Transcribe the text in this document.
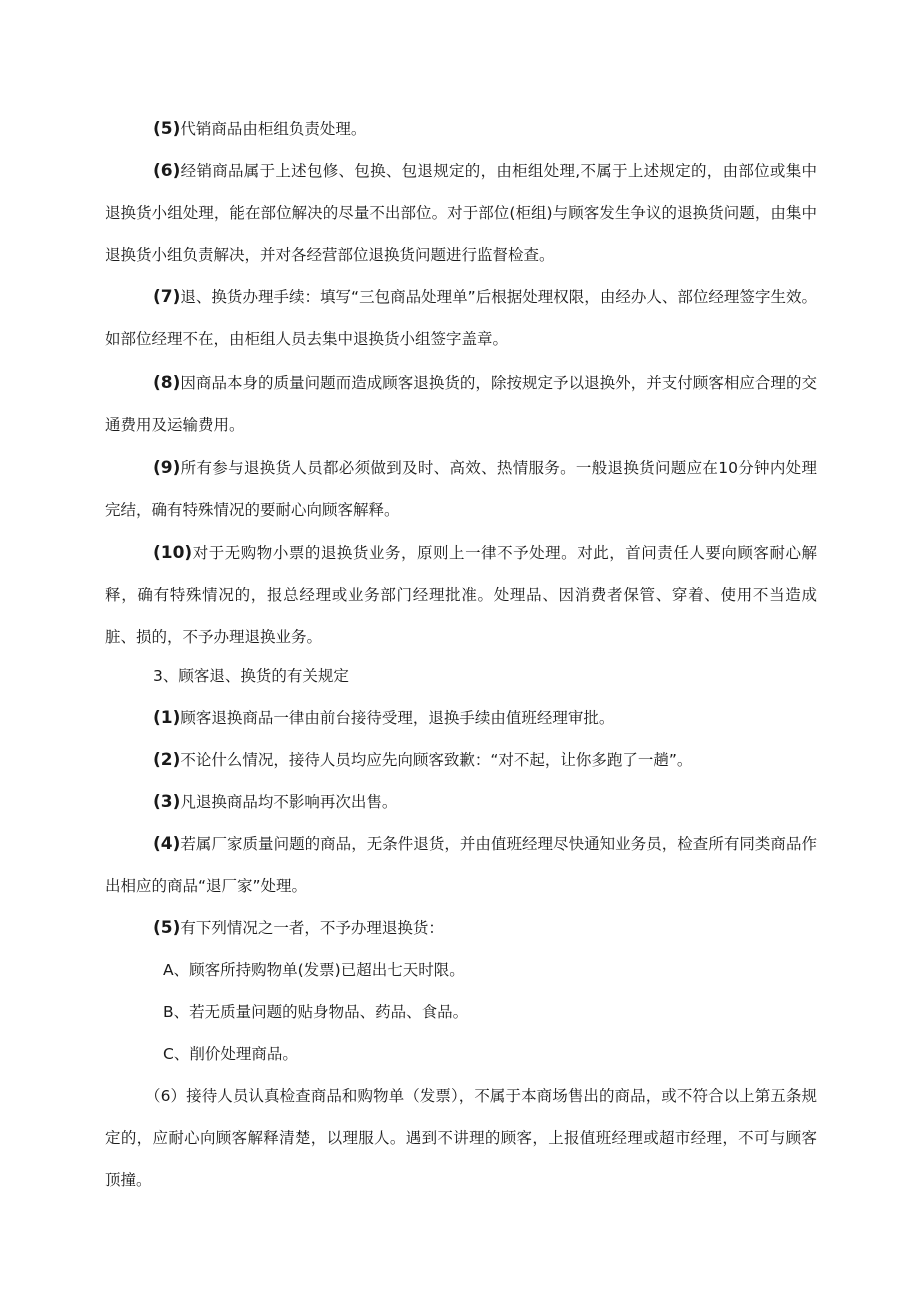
(5)代销商品由柜组负责处理。

(6)经销商品属于上述包修、包换、包退规定的，由柜组处理,不属于上述规定的，由部位或集中退换货小组处理，能在部位解决的尽量不出部位。对于部位(柜组)与顾客发生争议的退换货问题，由集中退换货小组负责解决，并对各经营部位退换货问题进行监督检查。

(7)退、换货办理手续：填写“三包商品处理单”后根据处理权限，由经办人、部位经理签字生效。如部位经理不在，由柜组人员去集中退换货小组签字盖章。

(8)因商品本身的质量问题而造成顾客退换货的，除按规定予以退换外，并支付顾客相应合理的交通费用及运输费用。

(9)所有参与退换货人员都必须做到及时、高效、热情服务。一般退换货问题应在10分钟内处理完结，确有特殊情况的要耐心向顾客解释。

(10)对于无购物小票的退换货业务，原则上一律不予处理。对此，首问责任人要向顾客耐心解释，确有特殊情况的，报总经理或业务部门经理批准。处理品、因消费者保管、穿着、使用不当造成脏、损的，不予办理退换业务。

3、顾客退、换货的有关规定

(1)顾客退换商品一律由前台接待受理，退换手续由值班经理审批。

(2)不论什么情况，接待人员均应先向顾客致歉：“对不起，让你多跑了一趟”。

(3)凡退换商品均不影响再次出售。

(4)若属厂家质量问题的商品，无条件退货，并由值班经理尽快通知业务员，检查所有同类商品作出相应的商品“退厂家”处理。

(5)有下列情况之一者，不予办理退换货：

A、顾客所持购物单(发票)已超出七天时限。

B、若无质量问题的贴身物品、药品、食品。

C、削价处理商品。

（6）接待人员认真检查商品和购物单（发票），不属于本商场售出的商品，或不符合以上第五条规定的，应耐心向顾客解释清楚，以理服人。遇到不讲理的顾客，上报值班经理或超市经理，不可与顾客顶撞。
